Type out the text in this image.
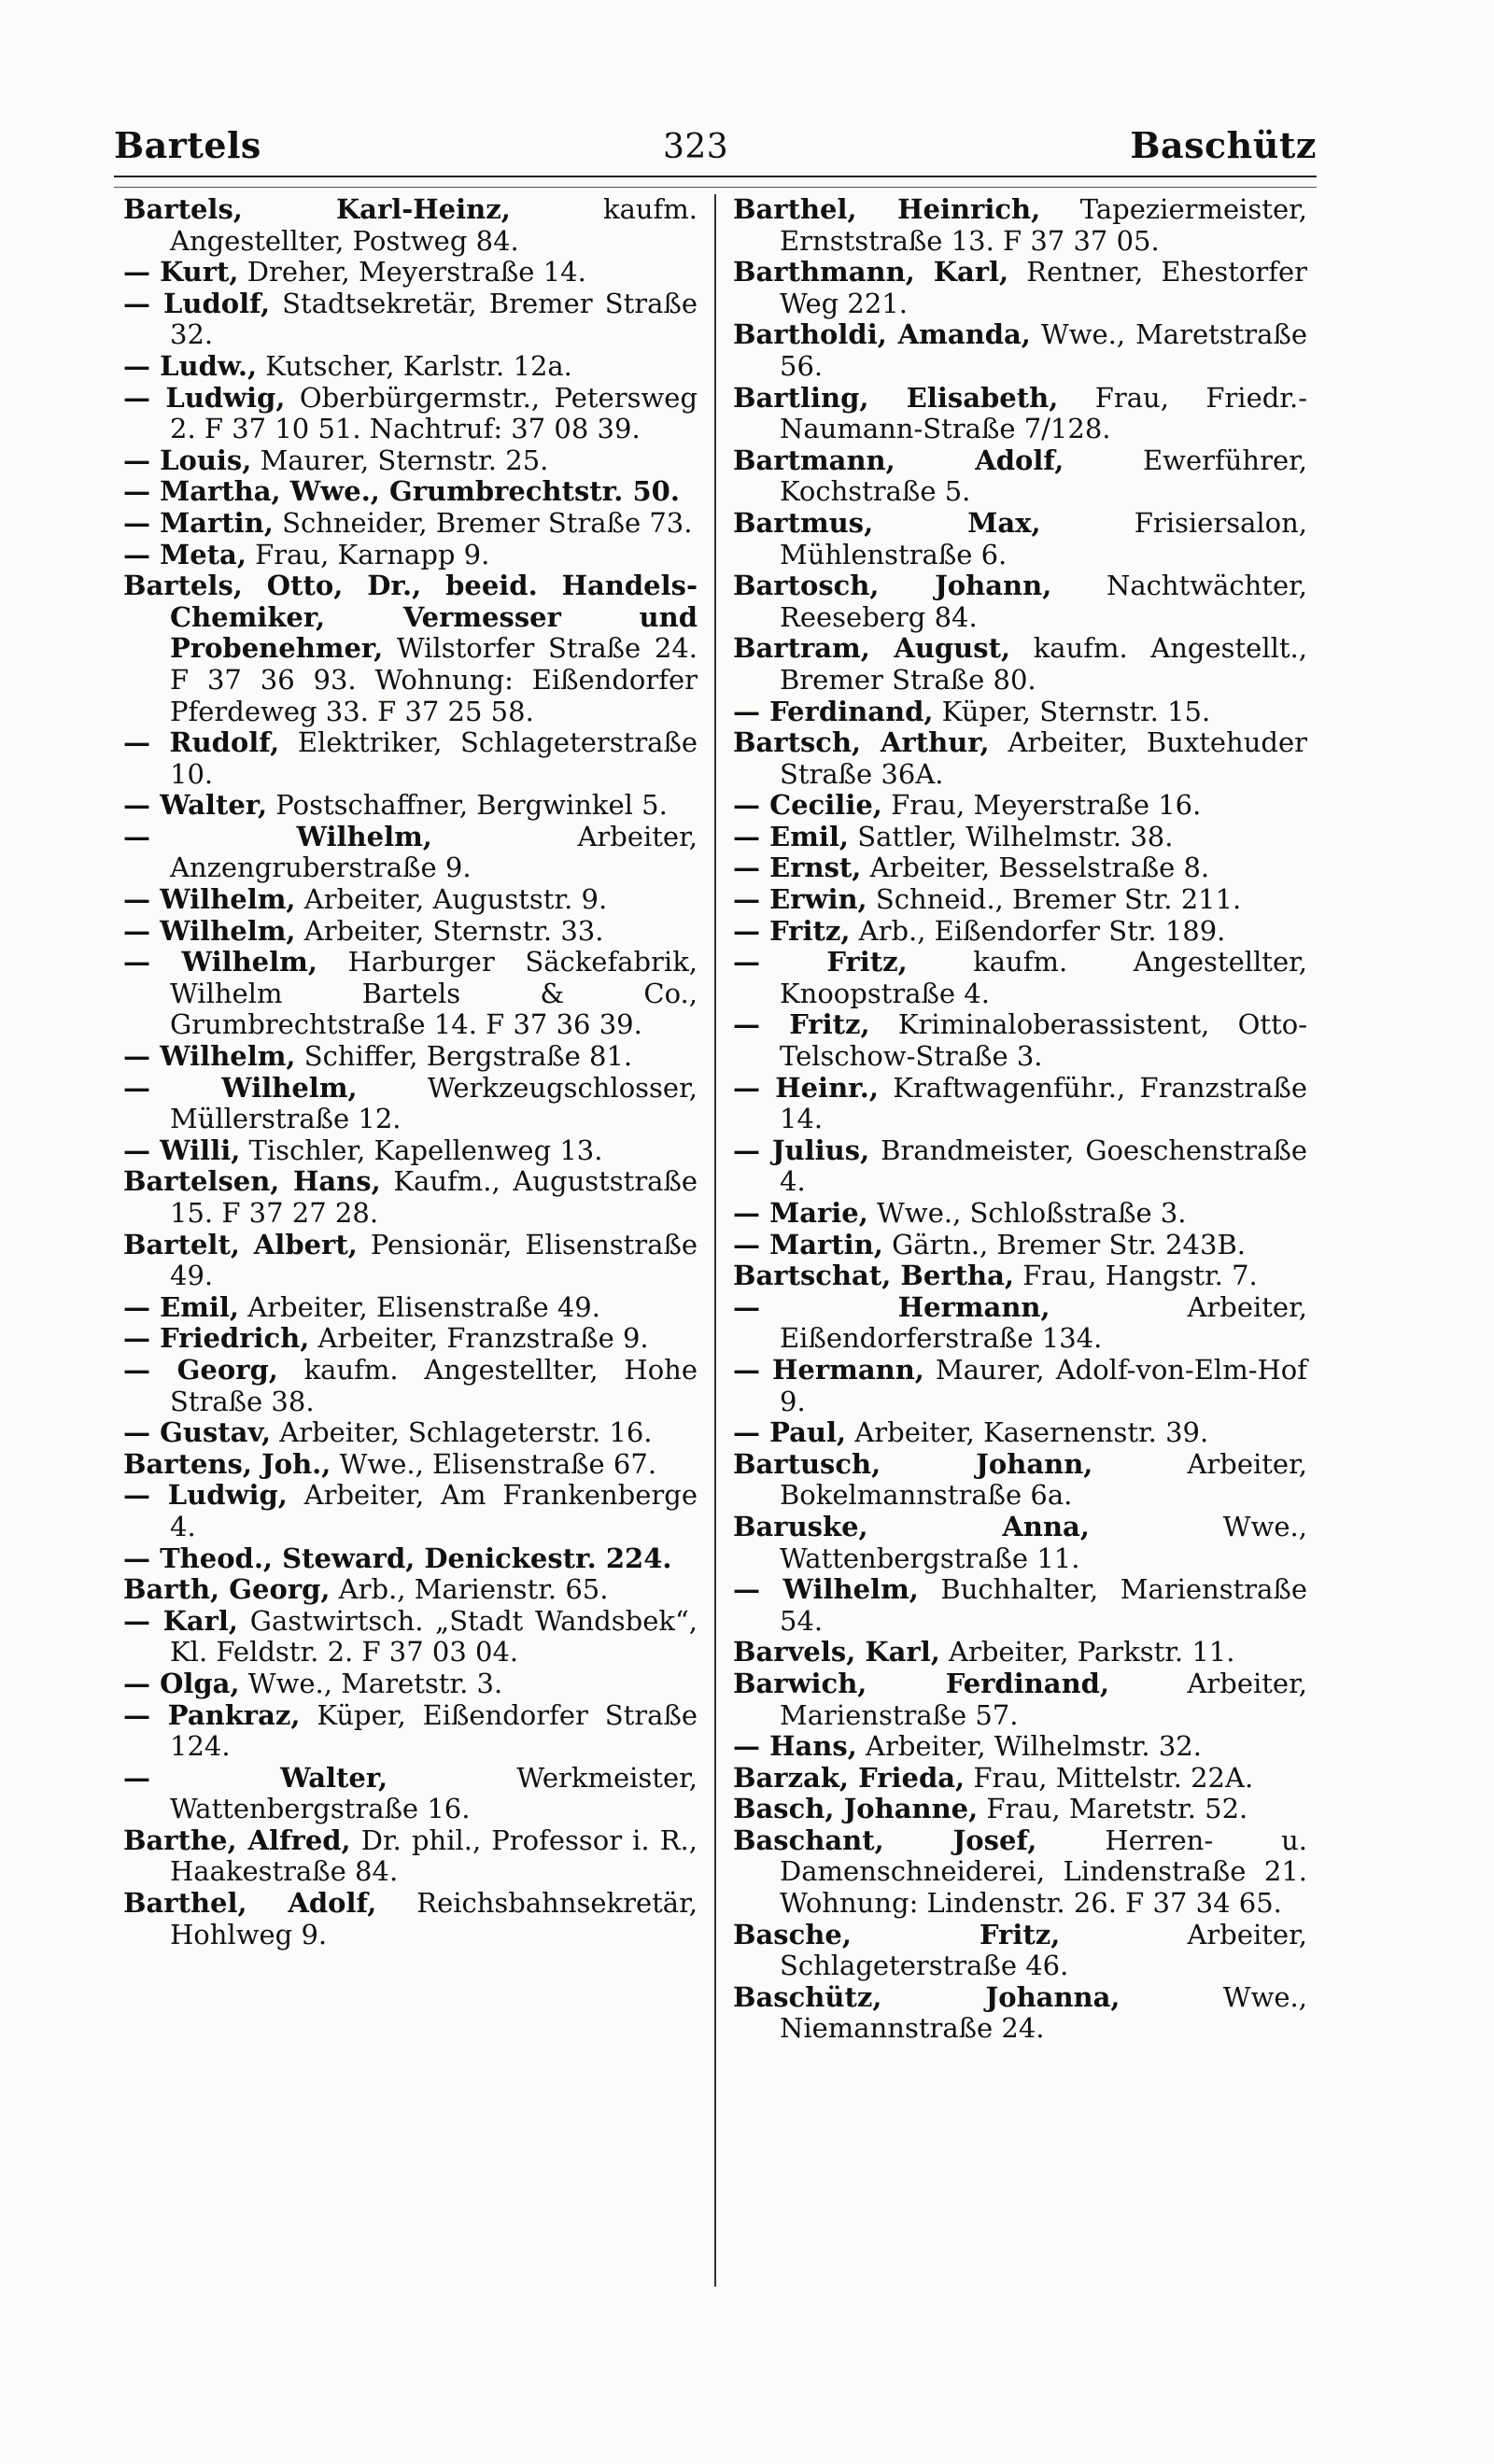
Bartels	323	Baschütz

Bartels, Karl-Heinz, kaufm. Angestellter, Postweg 84.

— Kurt, Dreher, Meyerstraße 14.

— Ludolf, Stadtsekretär, Bremer Straße 32.

— Ludw., Kutscher, Karlstr. 12a.

— Ludwig, Oberbürgermstr., Petersweg 2. F 37 10 51. Nachtruf: 37 08 39.

— Louis, Maurer, Sternstr. 25.

— Martha, Wwe., Grumbrechtstr. 50.

— Martin, Schneider, Bremer Straße 73.

— Meta, Frau, Karnapp 9.

Bartels, Otto, Dr., beeid. Handels-Chemiker, Vermesser und Probenehmer, Wilstorfer Straße 24. F 37 36 93. Wohnung: Eißendorfer Pferdeweg 33. F 37 25 58.

— Rudolf, Elektriker, Schlageterstraße 10.

— Walter, Postschaffner, Bergwinkel 5.

— Wilhelm, Arbeiter, Anzengruberstraße 9.

— Wilhelm, Arbeiter, Auguststr. 9.

— Wilhelm, Arbeiter, Sternstr. 33.

— Wilhelm, Harburger Säckefabrik, Wilhelm Bartels & Co., Grumbrechtstraße 14. F 37 36 39.

— Wilhelm, Schiffer, Bergstraße 81.

— Wilhelm, Werkzeugschlosser, Müllerstraße 12.

— Willi, Tischler, Kapellenweg 13.

Bartelsen, Hans, Kaufm., Auguststraße 15. F 37 27 28.

Bartelt, Albert, Pensionär, Elisenstraße 49.

— Emil, Arbeiter, Elisenstraße 49.

— Friedrich, Arbeiter, Franzstraße 9.

— Georg, kaufm. Angestellter, Hohe Straße 38.

— Gustav, Arbeiter, Schlageterstr. 16.

Bartens, Joh., Wwe., Elisenstraße 67.

— Ludwig, Arbeiter, Am Frankenberge 4.

— Theod., Steward, Denickestr. 224.

Barth, Georg, Arb., Marienstr. 65.

— Karl, Gastwirtsch. „Stadt Wandsbek“, Kl. Feldstr. 2. F 37 03 04.

— Olga, Wwe., Maretstr. 3.

— Pankraz, Küper, Eißendorfer Straße 124.

— Walter, Werkmeister, Wattenbergstraße 16.

Barthe, Alfred, Dr. phil., Professor i. R., Haakestraße 84.

Barthel, Adolf, Reichsbahnsekretär, Hohlweg 9.

Barthel, Heinrich, Tapeziermeister, Ernststraße 13. F 37 37 05.

Barthmann, Karl, Rentner, Ehestorfer Weg 221.

Bartholdi, Amanda, Wwe., Maretstraße 56.

Bartling, Elisabeth, Frau, Friedr.-Naumann-Straße 7/128.

Bartmann, Adolf, Ewerführer, Kochstraße 5.

Bartmus, Max, Frisiersalon, Mühlenstraße 6.

Bartosch, Johann, Nachtwächter, Reeseberg 84.

Bartram, August, kaufm. Angestellt., Bremer Straße 80.

— Ferdinand, Küper, Sternstr. 15.

Bartsch, Arthur, Arbeiter, Buxtehuder Straße 36A.

— Cecilie, Frau, Meyerstraße 16.

— Emil, Sattler, Wilhelmstr. 38.

— Ernst, Arbeiter, Besselstraße 8.

— Erwin, Schneid., Bremer Str. 211.

— Fritz, Arb., Eißendorfer Str. 189.

— Fritz, kaufm. Angestellter, Knoopstraße 4.

— Fritz, Kriminaloberassistent, Otto-Telschow-Straße 3.

— Heinr., Kraftwagenführ., Franzstraße 14.

— Julius, Brandmeister, Goeschenstraße 4.

— Marie, Wwe., Schloßstraße 3.

— Martin, Gärtn., Bremer Str. 243B.

Bartschat, Bertha, Frau, Hangstr. 7.

— Hermann, Arbeiter, Eißendorferstraße 134.

— Hermann, Maurer, Adolf-von-Elm-Hof 9.

— Paul, Arbeiter, Kasernenstr. 39.

Bartusch, Johann, Arbeiter, Bokelmannstraße 6a.

Baruske, Anna, Wwe., Wattenbergstraße 11.

— Wilhelm, Buchhalter, Marienstraße 54.

Barvels, Karl, Arbeiter, Parkstr. 11.

Barwich, Ferdinand, Arbeiter, Marienstraße 57.

— Hans, Arbeiter, Wilhelmstr. 32.

Barzak, Frieda, Frau, Mittelstr. 22A.

Basch, Johanne, Frau, Maretstr. 52.

Baschant, Josef, Herren- u. Damenschneiderei, Lindenstraße 21. Wohnung: Lindenstr. 26. F 37 34 65.

Basche, Fritz, Arbeiter, Schlageterstraße 46.

Baschütz, Johanna, Wwe., Niemannstraße 24.
